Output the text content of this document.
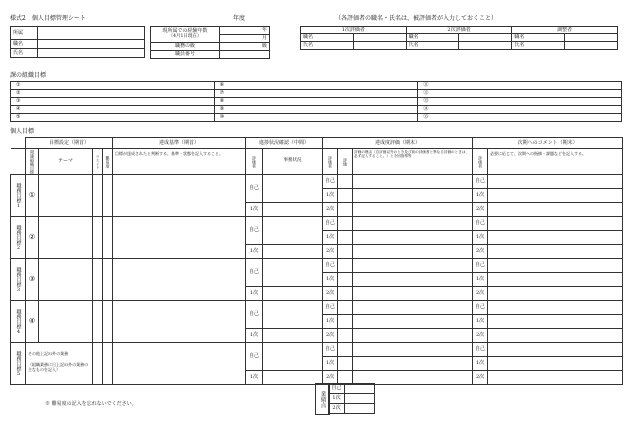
様式2　個人目標管理シート	年度	（各評価者の職名・氏名は、被評価者が入力しておくこと）
所属	
職名	
氏名	
現所属での経験年数
（4月1日現在）	年
	月
職務の級	級
職員番号	
1次評価者		2次評価者		調整者	
職名		職名		職名	
氏名		氏名		氏名	
課の組織目標
①	⑥	⑪
②	⑦	⑫
③	⑧	⑬
④	⑨	⑭
⑤	⑩	⑮
個人目標
	目標設定（期首）				達成基準（期首）	進捗状況確認（中間）		達成度評価（期末）			次期へのコメント（期末）	

	関連組織目標	テーマ	ウエイト	難易度	目標が達成されたと判断する、基準・状態を記入すること。	評価者	事務状況	評価者	評価	評価の理由（自評価以外のとき及び前の評価者と異なる評価のときは、必ず記入すること。）と今回指導等	評価者	必要に応じて、次期への指摘・課題などを記入する。

職務目標1	①					自己		自己			自己	
								1次			1次	
						1次		2次			2次	

職務目標2	②					自己		自己			自己	
								1次			1次	
						1次		2次			2次	

職務目標3	③					自己		自己			自己	
								1次			1次	
						1次		2次			2次	

職務目標4	④					自己		自己			自己	
								1次			1次	
						1次		2次			2次	

職務目標5	その他上記5)外の業務
（組織業務に日上記5)外の業務の主なものを記入）					自己		自己			自己	
								1次			1次	
						1次		2次			2次	
業績点
自己	
1次	
2次	
※ 難易度の記入を忘れないでください。
